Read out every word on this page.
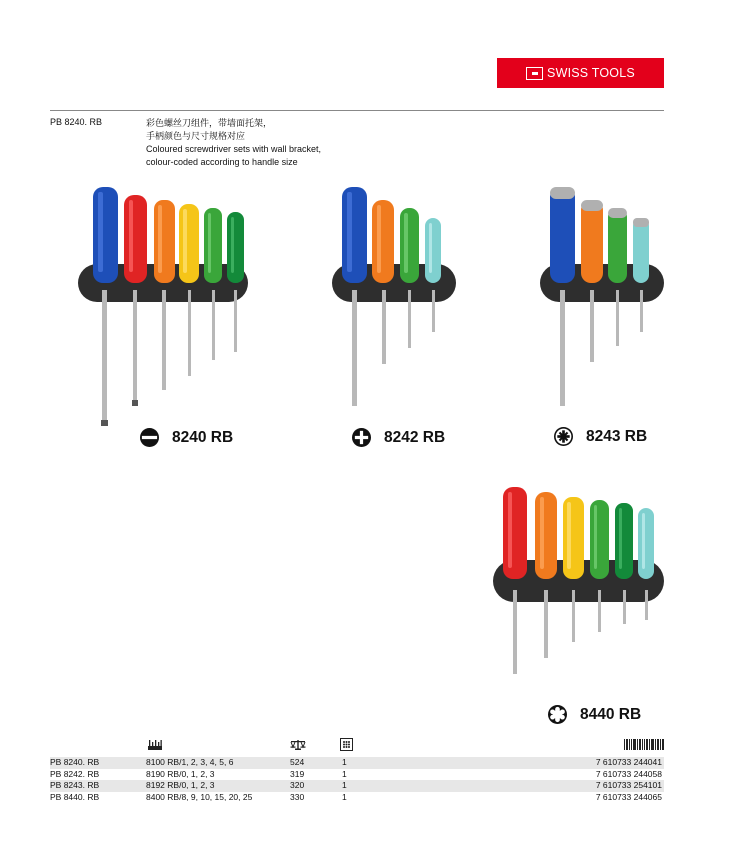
SWISS TOOLS
PB 8240. RB	彩色螺丝刀组件，带墙面托架，
手柄颜色与尺寸规格对应
Coloured screwdriver sets with wall bracket,
colour-coded according to handle size
8240 RB	8242 RB	8243 RB
8440 RB
PB 8240. RB	8100 RB/1, 2, 3, 4, 5, 6	524	1	7 610733 244041
PB 8242. RB	8190 RB/0, 1, 2, 3	319	1	7 610733 244058
PB 8243. RB	8192 RB/0, 1, 2, 3	320	1	7 610733 254101
PB 8440. RB	8400 RB/8, 9, 10, 15, 20, 25	330	1	7 610733 244065
